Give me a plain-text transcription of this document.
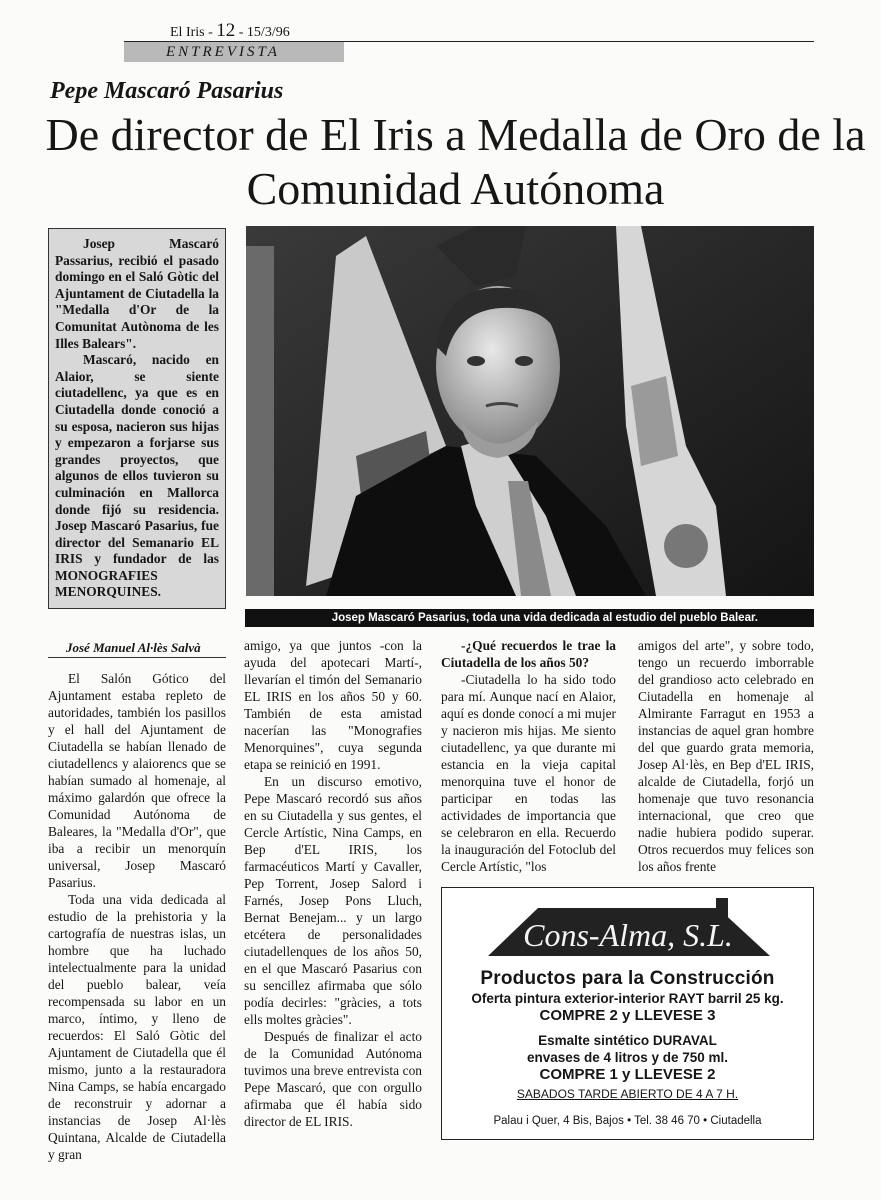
El Iris - 12 - 15/3/96
ENTREVISTA
Pepe Mascaró Pasarius
De director de El Iris a Medalla de Oro de la Comunidad Autónoma

Josep Mascaró Passarius, recibió el pasado domingo en el Saló Gòtic del Ajuntament de Ciutadella la "Medalla d'Or de la Comunitat Autònoma de les Illes Balears".

Mascaró, nacido en Alaior, se siente ciutadellenc, ya que es en Ciutadella donde conoció a su esposa, nacieron sus hijas y empezaron a forjarse sus grandes proyectos, que algunos de ellos tuvieron su culminación en Mallorca donde fijó su residencia. Josep Mascaró Pasarius, fue director del Semanario EL IRIS y fundador de las MONOGRAFIES MENORQUINES.

Josep Mascaró Pasarius, toda una vida dedicada al estudio del pueblo Balear.
José Manuel Al·lès Salvà

El Salón Gótico del Ajuntament estaba repleto de autoridades, también los pasillos y el hall del Ajuntament de Ciutadella se habían llenado de ciutadellencs y alaiorencs que se habían sumado al homenaje, al máximo galardón que ofrece la Comunidad Autónoma de Baleares, la "Medalla d'Or", que iba a recibir un menorquín universal, Josep Mascaró Pasarius.

Toda una vida dedicada al estudio de la prehistoria y la cartografía de nuestras islas, un hombre que ha luchado intelectualmente para la unidad del pueblo balear, veía recompensada su labor en un marco, íntimo, y lleno de recuerdos: El Saló Gòtic del Ajuntament de Ciutadella que él mismo, junto a la restauradora Nina Camps, se había encargado de reconstruir y adornar a instancias de Josep Al·lès Quintana, Alcalde de Ciutadella y gran

amigo, ya que juntos -con la ayuda del apotecari Martí-, llevarían el timón del Semanario EL IRIS en los años 50 y 60. También de esta amistad nacerían las "Monografies Menorquines", cuya segunda etapa se reinició en 1991.

En un discurso emotivo, Pepe Mascaró recordó sus años en su Ciutadella y sus gentes, el Cercle Artístic, Nina Camps, en Bep d'EL IRIS, los farmacéuticos Martí y Cavaller, Pep Torrent, Josep Salord i Farnés, Josep Pons Lluch, Bernat Benejam... y un largo etcétera de personalidades ciutadellenques de los años 50, en el que Mascaró Pasarius con su sencillez afirmaba que sólo podía decirles: "gràcies, a tots ells moltes gràcies".

Después de finalizar el acto de la Comunidad Autónoma tuvimos una breve entrevista con Pepe Mascaró, que con orgullo afirmaba que él había sido director de EL IRIS.

-¿Qué recuerdos le trae la Ciutadella de los años 50?

-Ciutadella lo ha sido todo para mí. Aunque nací en Alaior, aquí es donde conocí a mi mujer y nacieron mis hijas. Me siento ciutadellenc, ya que durante mi estancia en la vieja capital menorquina tuve el honor de participar en todas las actividades de importancia que se celebraron en ella. Recuerdo la inauguración del Fotoclub del Cercle Artístic, "los

amigos del arte", y sobre todo, tengo un recuerdo imborrable del grandioso acto celebrado en Ciutadella en homenaje al Almirante Farragut en 1953 a instancias de aquel gran hombre del que guardo grata memoria, Josep Al·lès, en Bep d'EL IRIS, alcalde de Ciutadella, forjó un homenaje que tuvo resonancia internacional, que creo que nadie hubiera podido superar. Otros recuerdos muy felices son los años frente

Cons-Alma, S.L.
Productos para la Construcción
Oferta pintura exterior-interior RAYT barril 25 kg.
COMPRE 2 y LLEVESE 3
Esmalte sintético DURAVAL
envases de 4 litros y de 750 ml.
COMPRE 1 y LLEVESE 2
SABADOS TARDE ABIERTO DE 4 A 7 H.
Palau i Quer, 4 Bis, Bajos • Tel. 38 46 70 • Ciutadella
